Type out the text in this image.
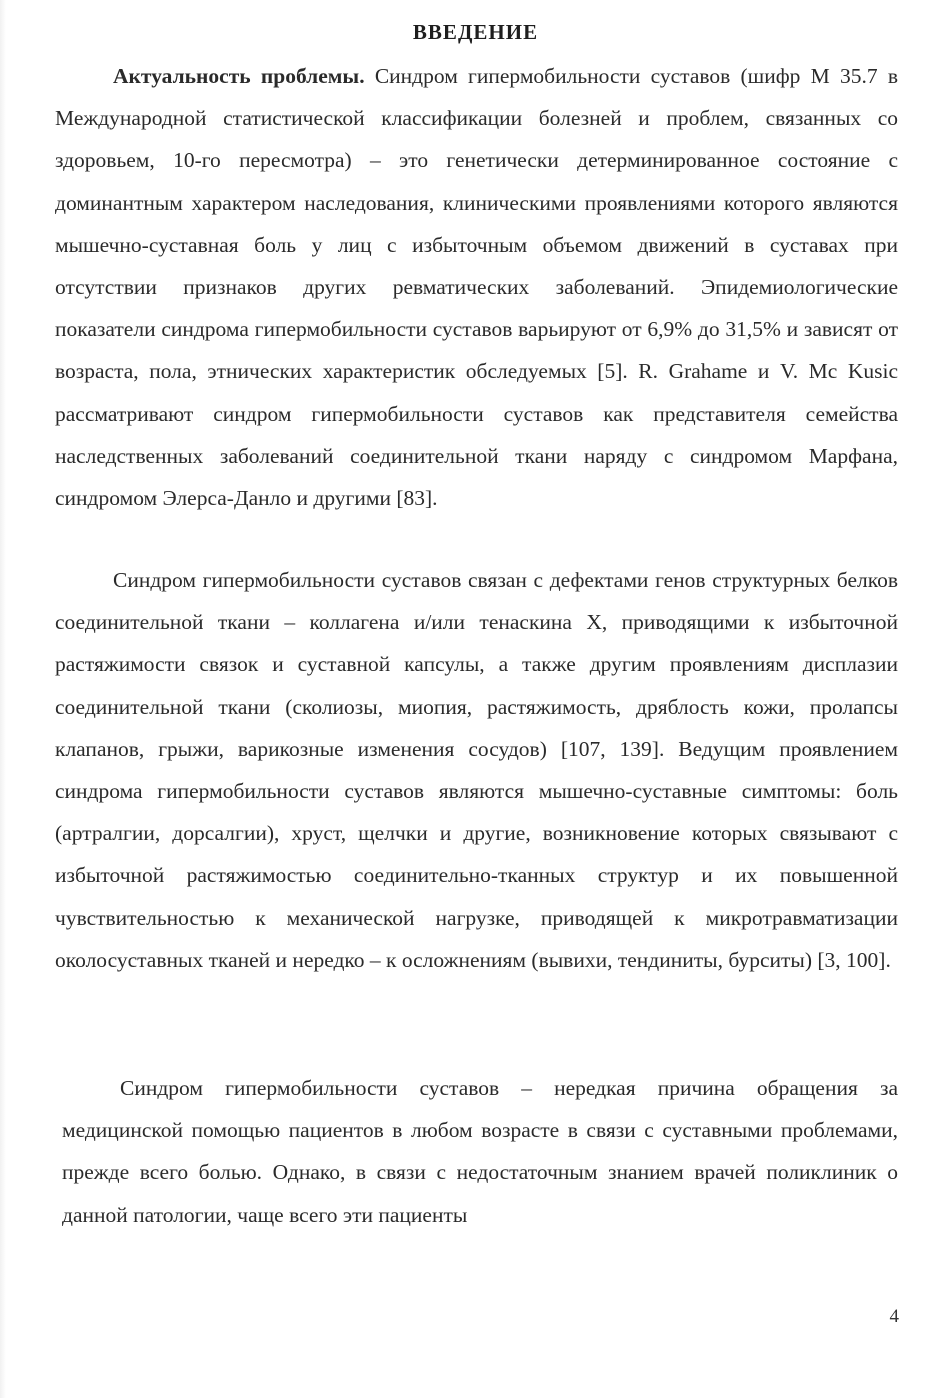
ВВЕДЕНИЕ

Актуальность проблемы. Синдром гипермобильности суставов (шифр M 35.7 в Международной статистической классификации болезней и проблем, связанных со здоровьем, 10-го пересмотра) – это генетически детерминированное состояние с доминантным характером наследования, клиническими проявлениями которого являются мышечно-суставная боль у лиц с избыточным объемом движений в суставах при отсутствии признаков других ревматических заболеваний. Эпидемиологические показатели синдрома гипермобильности суставов варьируют от 6,9% до 31,5% и зависят от возраста, пола, этнических характеристик обследуемых [5]. R. Grahame и V. Mc Kusic рассматривают синдром гипермобильности суставов как представителя семейства наследственных заболеваний соединительной ткани наряду с синдромом Марфана, синдромом Элерса-Данло и другими [83].

Синдром гипермобильности суставов связан с дефектами генов структурных белков соединительной ткани – коллагена и/или тенаскина Х, приводящими к избыточной растяжимости связок и суставной капсулы, а также другим проявлениям дисплазии соединительной ткани (сколиозы, миопия, растяжимость, дряблость кожи, пролапсы клапанов, грыжи, варикозные изменения сосудов) [107, 139]. Ведущим проявлением синдрома гипермобильности суставов являются мышечно-суставные симптомы: боль (артралгии, дорсалгии), хруст, щелчки и другие, возникновение которых связывают с избыточной растяжимостью соединительно-тканных структур и их повышенной чувствительностью к механической нагрузке, приводящей к микротравматизации околосуставных тканей и нередко – к осложнениям (вывихи, тендиниты, бурситы) [3, 100].

Синдром гипермобильности суставов – нередкая причина обращения за медицинской помощью пациентов в любом возрасте в связи с суставными проблемами, прежде всего болью. Однако, в связи с недостаточным знанием врачей поликлиник о данной патологии, чаще всего эти пациенты

4
